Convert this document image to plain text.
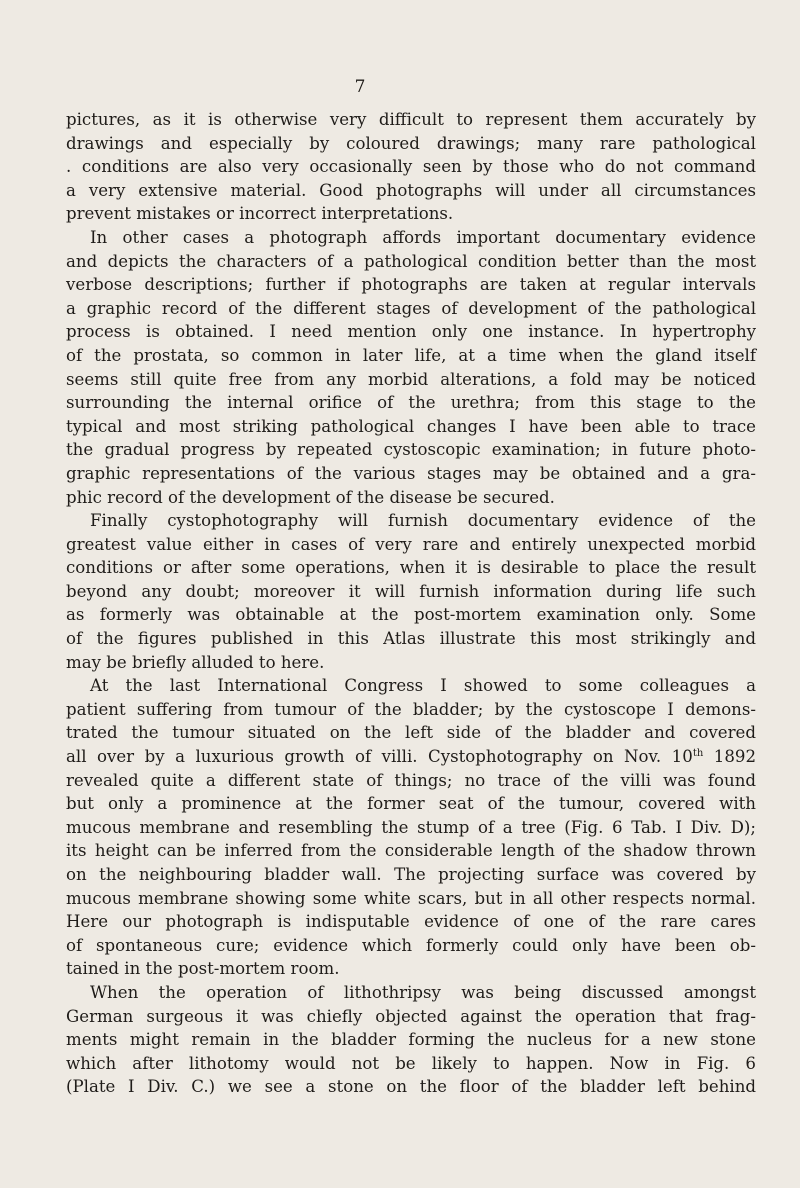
7
pictures, as it is otherwise very difficult to represent them accurately by
drawings and especially by coloured drawings; many rare pathological
. conditions are also very occasionally seen by those who do not command
a very extensive material. Good photographs will under all circumstances
prevent mistakes or incorrect interpretations.
In other cases a photograph affords important documentary evidence
and depicts the characters of a pathological condition better than the most
verbose descriptions; further if photographs are taken at regular intervals
a graphic record of the different stages of development of the pathological
process is obtained. I need mention only one instance. In hypertrophy
of the prostata, so common in later life, at a time when the gland itself
seems still quite free from any morbid alterations, a fold may be noticed
surrounding the internal orifice of the urethra; from this stage to the
typical and most striking pathological changes I have been able to trace
the gradual progress by repeated cystoscopic examination; in future photo-
graphic representations of the various stages may be obtained and a gra-
phic record of the development of the disease be secured.
Finally cystophotography will furnish documentary evidence of the
greatest value either in cases of very rare and entirely unexpected morbid
conditions or after some operations, when it is desirable to place the result
beyond any doubt; moreover it will furnish information during life such
as formerly was obtainable at the post-mortem examination only. Some
of the figures published in this Atlas illustrate this most strikingly and
may be briefly alluded to here.
At the last International Congress I showed to some colleagues a
patient suffering from tumour of the bladder; by the cystoscope I demons-
trated the tumour situated on the left side of the bladder and covered
all over by a luxurious growth of villi. Cystophotography on Nov. 10th 1892
revealed quite a different state of things; no trace of the villi was found
but only a prominence at the former seat of the tumour, covered with
mucous membrane and resembling the stump of a tree (Fig. 6 Tab. I Div. D);
its height can be inferred from the considerable length of the shadow thrown
on the neighbouring bladder wall. The projecting surface was covered by
mucous membrane showing some white scars, but in all other respects normal.
Here our photograph is indisputable evidence of one of the rare cares
of spontaneous cure; evidence which formerly could only have been ob-
tained in the post-mortem room.
When the operation of lithothripsy was being discussed amongst
German surgeous it was chiefly objected against the operation that frag-
ments might remain in the bladder forming the nucleus for a new stone
which after lithotomy would not be likely to happen. Now in Fig. 6
(Plate I Div. C.) we see a stone on the floor of the bladder left behind
